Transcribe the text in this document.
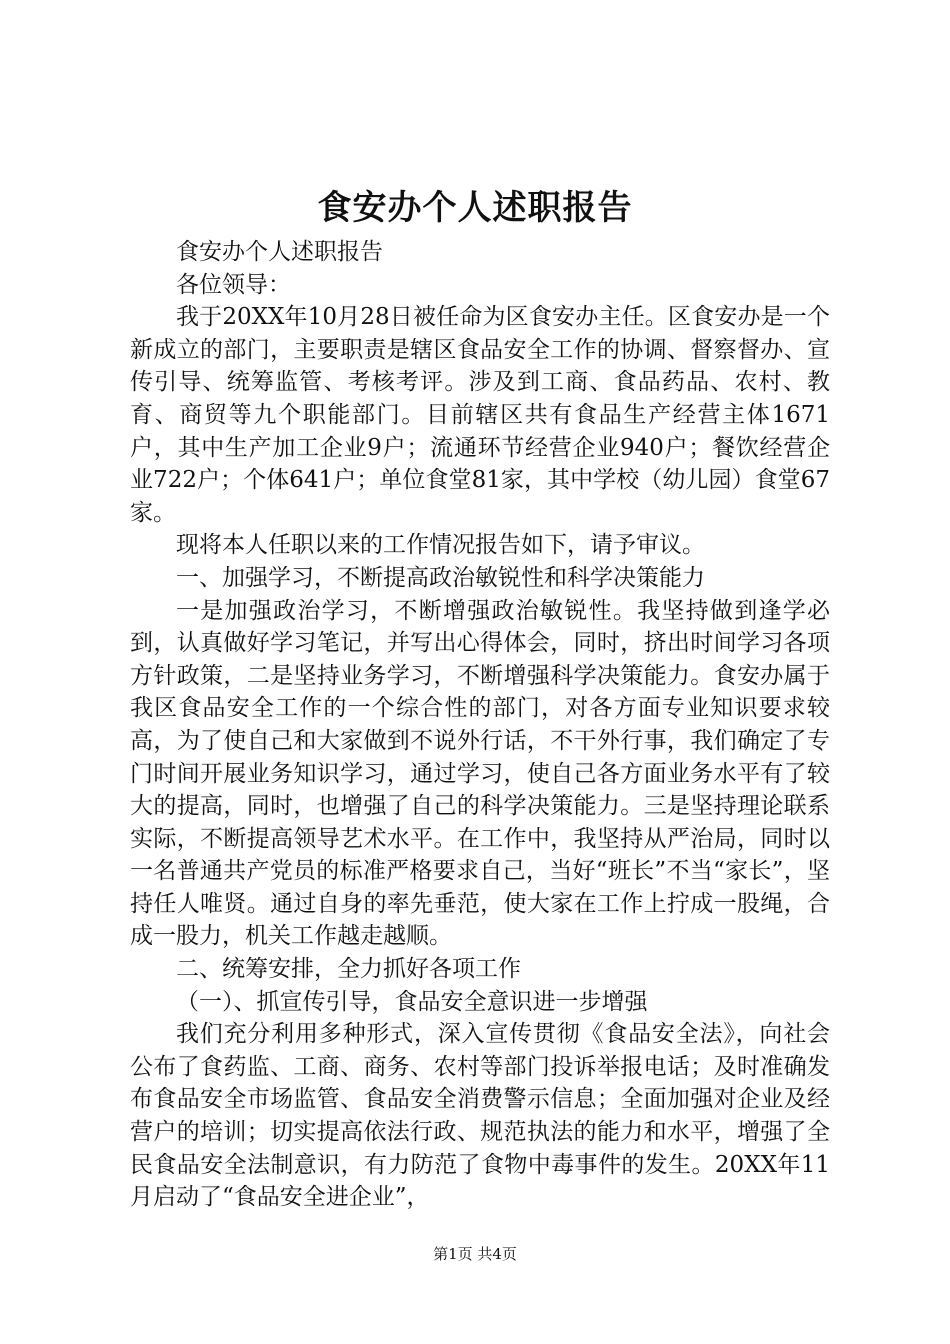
食安办个人述职报告

食安办个人述职报告

各位领导：

我于20XX年10月28日被任命为区食安办主任。区食安办是一个新成立的部门，主要职责是辖区食品安全工作的协调、督察督办、宣传引导、统筹监管、考核考评。涉及到工商、食品药品、农村、教育、商贸等九个职能部门。目前辖区共有食品生产经营主体1671户，其中生产加工企业9户；流通环节经营企业940户；餐饮经营企业722户；个体641户；单位食堂81家，其中学校（幼儿园）食堂67家。

现将本人任职以来的工作情况报告如下，请予审议。

一、加强学习，不断提高政治敏锐性和科学决策能力

一是加强政治学习，不断增强政治敏锐性。我坚持做到逢学必到，认真做好学习笔记，并写出心得体会，同时，挤出时间学习各项方针政策，二是坚持业务学习，不断增强科学决策能力。食安办属于我区食品安全工作的一个综合性的部门，对各方面专业知识要求较高，为了使自己和大家做到不说外行话，不干外行事，我们确定了专门时间开展业务知识学习，通过学习，使自己各方面业务水平有了较大的提高，同时，也增强了自己的科学决策能力。三是坚持理论联系实际，不断提高领导艺术水平。在工作中，我坚持从严治局，同时以一名普通共产党员的标准严格要求自己，当好“班长”不当“家长”，坚持任人唯贤。通过自身的率先垂范，使大家在工作上拧成一股绳，合成一股力，机关工作越走越顺。

二、统筹安排，全力抓好各项工作

（一）、抓宣传引导，食品安全意识进一步增强

我们充分利用多种形式，深入宣传贯彻《食品安全法》，向社会公布了食药监、工商、商务、农村等部门投诉举报电话；及时准确发布食品安全市场监管、食品安全消费警示信息；全面加强对企业及经营户的培训；切实提高依法行政、规范执法的能力和水平，增强了全民食品安全法制意识，有力防范了食物中毒事件的发生。20XX年11月启动了“食品安全进企业”，

第1页 共4页
